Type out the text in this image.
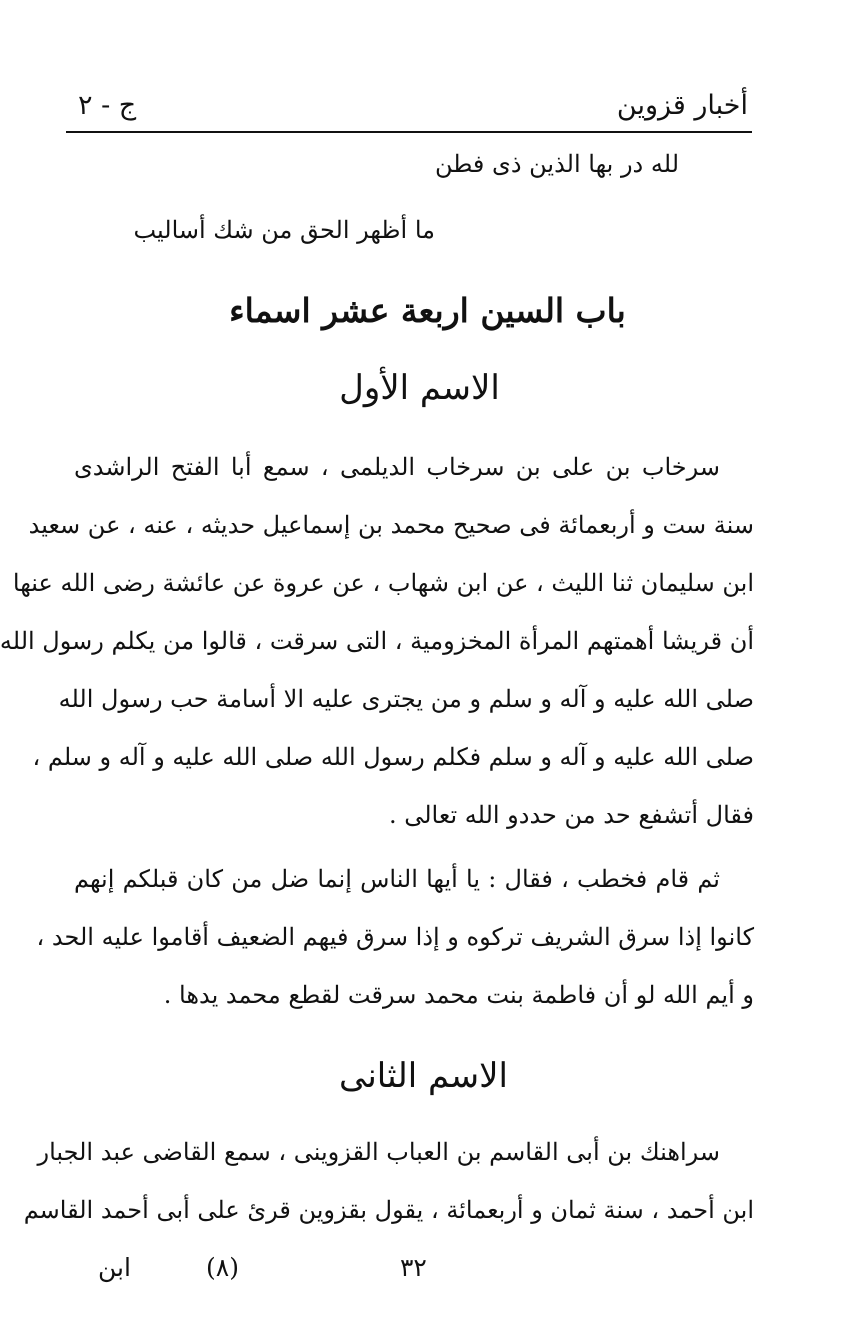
أخبار قزوين
ج - ٢
لله در بها الذين ذى فطن
ما أظهر الحق من شك أساليب
باب السين اربعة عشر اسماء
الاسم الأول
سرخاب بن على بن سرخاب الديلمى ، سمع أبا الفتح الراشدى
سنة ست و أربعمائة فى صحيح محمد بن إسماعيل حديثه ، عنه ، عن سعيد
ابن سليمان ثنا الليث ، عن ابن شهاب ، عن عروة عن عائشة رضى الله عنها
أن قريشا أهمتهم المرأة المخزومية ، التى سرقت ، قالوا من يكلم رسول الله
صلى الله عليه و آله و سلم و من يجترى عليه الا أسامة حب رسول الله
صلى الله عليه و آله و سلم فكلم رسول الله صلى الله عليه و آله و سلم ،
فقال أتشفع حد من حددو الله تعالى .
ثم قام فخطب ، فقال : يا أيها الناس إنما ضل من كان قبلكم إنهم
كانوا إذا سرق الشريف تركوه و إذا سرق فيهم الضعيف أقاموا عليه الحد ،
و أيم الله لو أن فاطمة بنت محمد سرقت لقطع محمد يدها .
الاسم الثانى
سراهنك بن أبى القاسم بن العباب القزوينى ، سمع القاضى عبد الجبار
ابن أحمد ، سنة ثمان و أربعمائة ، يقول بقزوين قرئ على أبى أحمد القاسم
٣٢
(٨)
ابن
